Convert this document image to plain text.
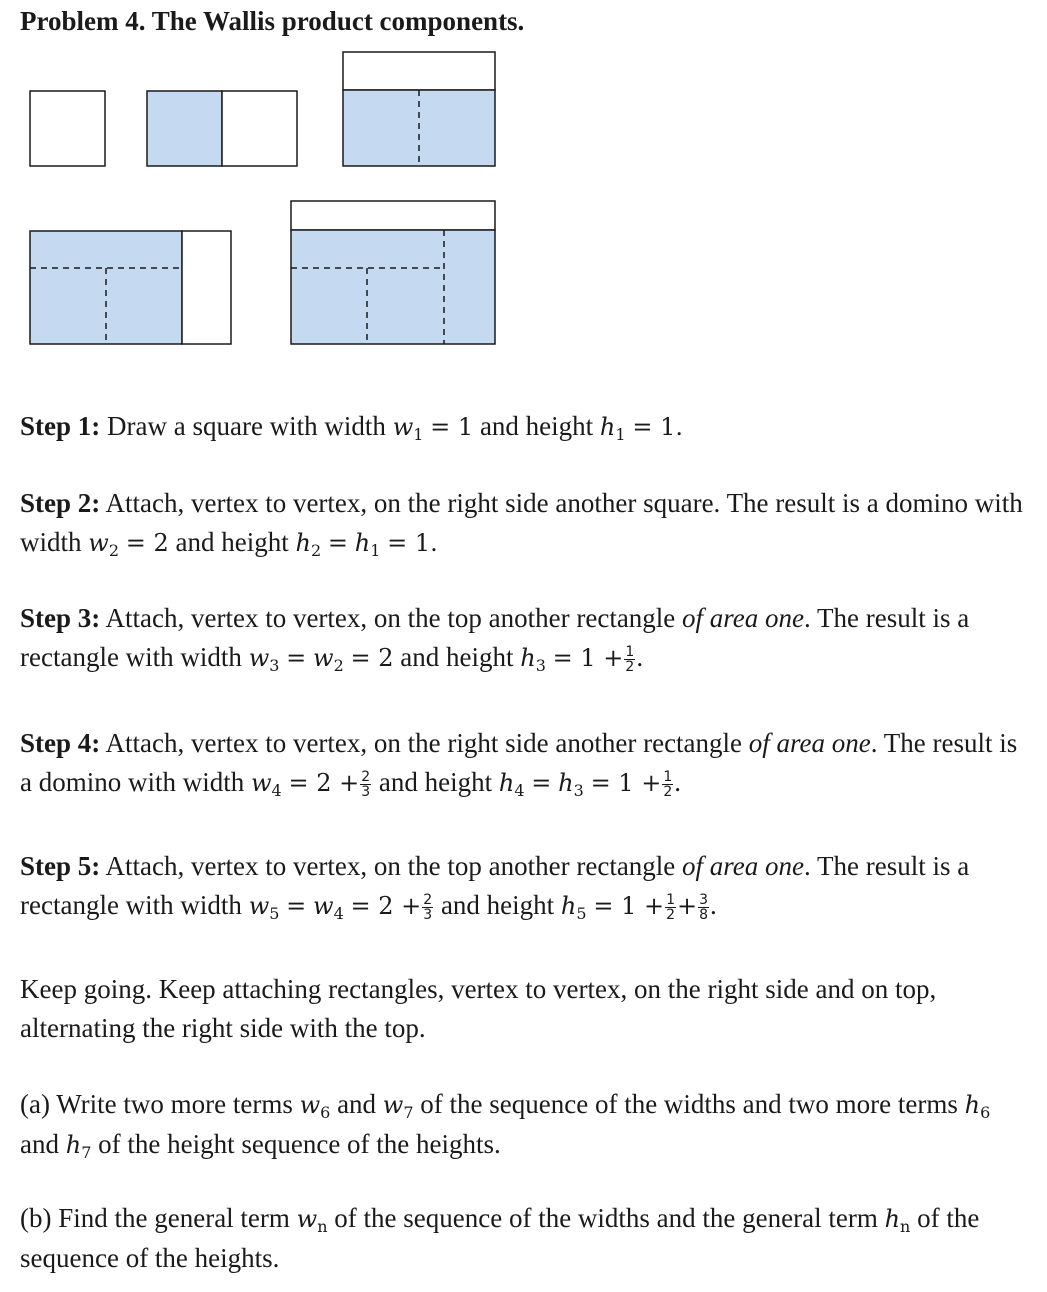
Problem 4. The Wallis product components.
Step 1: Draw a square with width $w_1 = 1$ and height $h_1 = 1$.
Step 2: Attach, vertex to vertex, on the right side another square. The result is a domino with width $w_2 = 2$ and height $h_2 = h_1 = 1$.
Step 3: Attach, vertex to vertex, on the top another rectangle of area one. The result is a rectangle with width $w_3 = w_2 = 2$ and height $h_3 = 1 + \frac{1}{2}$ .
Step 4: Attach, vertex to vertex, on the right side another rectangle of area one. The result is a domino with width $w_4 = 2 + \frac{2}{3}$ and height $h_4 = h_3 = 1 + \frac{1}{2}$ .
Step 5: Attach, vertex to vertex, on the top another rectangle of area one. The result is a rectangle with width $w_5 = w_4 = 2 + \frac{2}{3}$ and height $h_5 = 1 + \frac{1}{2} + \frac{3}{8}$ .
Keep going. Keep attaching rectangles, vertex to vertex, on the right side and on top, alternating the right side with the top.
(a) Write two more terms $w_6$ and $w_7$ of the sequence of the widths and two more terms $h_6$ and $h_7$ of the height sequence of the heights.
(b) Find the general term $w_n$ of the sequence of the widths and the general term $h_n$ of the sequence of the heights.
